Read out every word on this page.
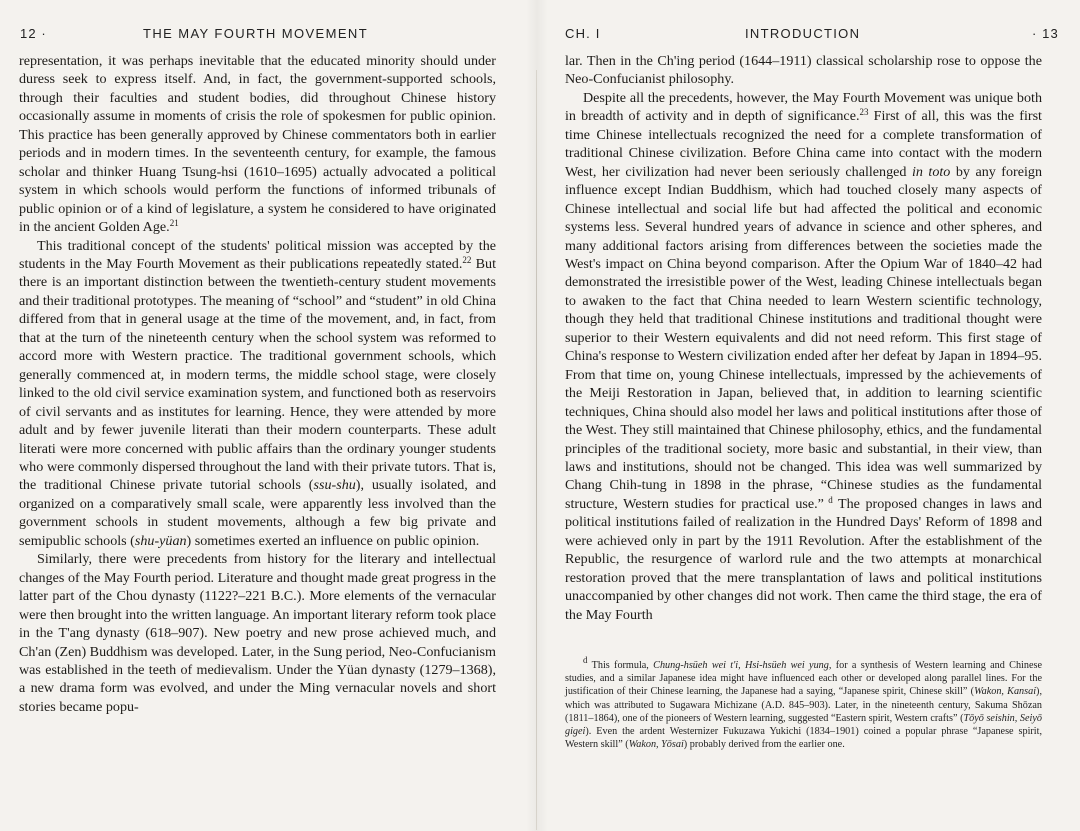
12 ·	THE MAY FOURTH MOVEMENT

representation, it was perhaps inevitable that the educated minority should under duress seek to express itself. And, in fact, the government-supported schools, through their faculties and student bodies, did throughout Chinese history occasionally assume in moments of crisis the role of spokesmen for public opinion. This practice has been generally approved by Chinese commentators both in earlier periods and in modern times. In the seventeenth century, for example, the famous scholar and thinker Huang Tsung-hsi (1610–1695) actually advocated a political system in which schools would perform the functions of informed tribunals of public opinion or of a kind of legislature, a system he considered to have originated in the ancient Golden Age.$^{21}$

This traditional concept of the students' political mission was accepted by the students in the May Fourth Movement as their publications repeatedly stated.$^{22}$ But there is an important distinction between the twentieth-century student movements and their traditional prototypes. The meaning of “school” and “student” in old China differed from that in general usage at the time of the movement, and, in fact, from that at the turn of the nineteenth century when the school system was reformed to accord more with Western practice. The traditional government schools, which generally commenced at, in modern terms, the middle school stage, were closely linked to the old civil service examination system, and functioned both as reservoirs of civil servants and as institutes for learning. Hence, they were attended by more adult and by fewer juvenile literati than their modern counterparts. These adult literati were more concerned with public affairs than the ordinary younger students who were commonly dispersed throughout the land with their private tutors. That is, the traditional Chinese private tutorial schools (ssu-shu), usually isolated, and organized on a comparatively small scale, were apparently less involved than the government schools in student movements, although a few big private and semipublic schools (shu-yüan) sometimes exerted an influence on public opinion.

Similarly, there were precedents from history for the literary and intellectual changes of the May Fourth period. Literature and thought made great progress in the latter part of the Chou dynasty (1122?–221 B.C.). More elements of the vernacular were then brought into the written language. An important literary reform took place in the T'ang dynasty (618–907). New poetry and new prose achieved much, and Ch'an (Zen) Buddhism was developed. Later, in the Sung period, Neo-Confucianism was established in the teeth of medievalism. Under the Yüan dynasty (1279–1368), a new drama form was evolved, and under the Ming vernacular novels and short stories became popu-

CH. I	INTRODUCTION	· 13

lar. Then in the Ch'ing period (1644–1911) classical scholarship rose to oppose the Neo-Confucianist philosophy.

Despite all the precedents, however, the May Fourth Movement was unique both in breadth of activity and in depth of significance.$^{23}$ First of all, this was the first time Chinese intellectuals recognized the need for a complete transformation of traditional Chinese civilization. Before China came into contact with the modern West, her civilization had never been seriously challenged in toto by any foreign influence except Indian Buddhism, which had touched closely many aspects of Chinese intellectual and social life but had affected the political and economic systems less. Several hundred years of advance in science and other spheres, and many additional factors arising from differences between the societies made the West's impact on China beyond comparison. After the Opium War of 1840–42 had demonstrated the irresistible power of the West, leading Chinese intellectuals began to awaken to the fact that China needed to learn Western scientific technology, though they held that traditional Chinese institutions and traditional thought were superior to their Western equivalents and did not need reform. This first stage of China's response to Western civilization ended after her defeat by Japan in 1894–95. From that time on, young Chinese intellectuals, impressed by the achievements of the Meiji Restoration in Japan, believed that, in addition to learning scientific techniques, China should also model her laws and political institutions after those of the West. They still maintained that Chinese philosophy, ethics, and the fundamental principles of the traditional society, more basic and substantial, in their view, than laws and institutions, should not be changed. This idea was well summarized by Chang Chih-tung in 1898 in the phrase, “Chinese studies as the fundamental structure, Western studies for practical use.” $^d$ The proposed changes in laws and political institutions failed of realization in the Hundred Days' Reform of 1898 and were achieved only in part by the 1911 Revolution. After the establishment of the Republic, the resurgence of warlord rule and the two attempts at monarchical restoration proved that the mere transplantation of laws and political institutions unaccompanied by other changes did not work. Then came the third stage, the era of the May Fourth

$^d$ This formula, Chung-hsüeh wei t'i, Hsi-hsüeh wei yung, for a synthesis of Western learning and Chinese studies, and a similar Japanese idea might have influenced each other or developed along parallel lines. For the justification of their Chinese learning, the Japanese had a saying, “Japanese spirit, Chinese skill” (Wakon, Kansai), which was attributed to Sugawara Michizane (A.D. 845–903). Later, in the nineteenth century, Sakuma Shōzan (1811–1864), one of the pioneers of Western learning, suggested “Eastern spirit, Western crafts” (Tōyō seishin, Seiyō gigei). Even the ardent Westernizer Fukuzawa Yukichi (1834–1901) coined a popular phrase “Japanese spirit, Western skill” (Wakon, Yōsai) probably derived from the earlier one.
